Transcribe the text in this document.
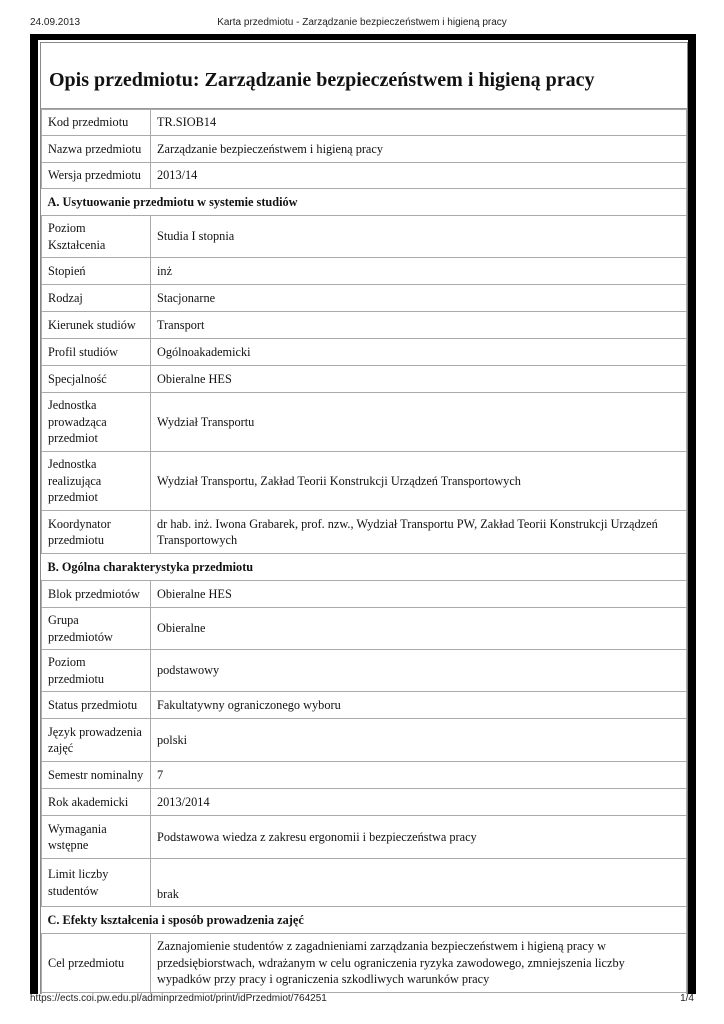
24.09.2013	Karta przedmiotu - Zarządzanie bezpieczeństwem i higieną pracy
Opis przedmiotu: Zarządzanie bezpieczeństwem i higieną pracy
Kod przedmiotu	TR.SIOB14
Nazwa przedmiotu	Zarządzanie bezpieczeństwem i higieną pracy
Wersja przedmiotu	2013/14
A. Usytuowanie przedmiotu w systemie studiów	
Poziom Kształcenia	Studia I stopnia
Stopień	inż
Rodzaj	Stacjonarne
Kierunek studiów	Transport
Profil studiów	Ogólnoakademicki
Specjalność	Obieralne HES
Jednostka prowadząca przedmiot	Wydział Transportu
Jednostka realizująca przedmiot	Wydział Transportu, Zakład Teorii Konstrukcji Urządzeń Transportowych
Koordynator przedmiotu	dr hab. inż. Iwona Grabarek, prof. nzw., Wydział Transportu PW, Zakład Teorii Konstrukcji Urządzeń Transportowych
B. Ogólna charakterystyka przedmiotu	
Blok przedmiotów	Obieralne HES
Grupa przedmiotów	Obieralne
Poziom przedmiotu	podstawowy
Status przedmiotu	Fakultatywny ograniczonego wyboru
Język prowadzenia zajęć	polski
Semestr nominalny	7
Rok akademicki	2013/2014
Wymagania wstępne	Podstawowa wiedza z zakresu ergonomii i bezpieczeństwa pracy
Limit liczby studentów	brak
C. Efekty kształcenia i sposób prowadzenia zajęć	
Cel przedmiotu	Zaznajomienie studentów z zagadnieniami zarządzania bezpieczeństwem i higieną pracy w przedsiębiorstwach, wdrażanym w celu ograniczenia ryzyka zawodowego, zmniejszenia liczby wypadków przy pracy i ograniczenia szkodliwych warunków pracy

https://ects.coi.pw.edu.pl/adminprzedmiot/print/idPrzedmiot/764251	1/4
